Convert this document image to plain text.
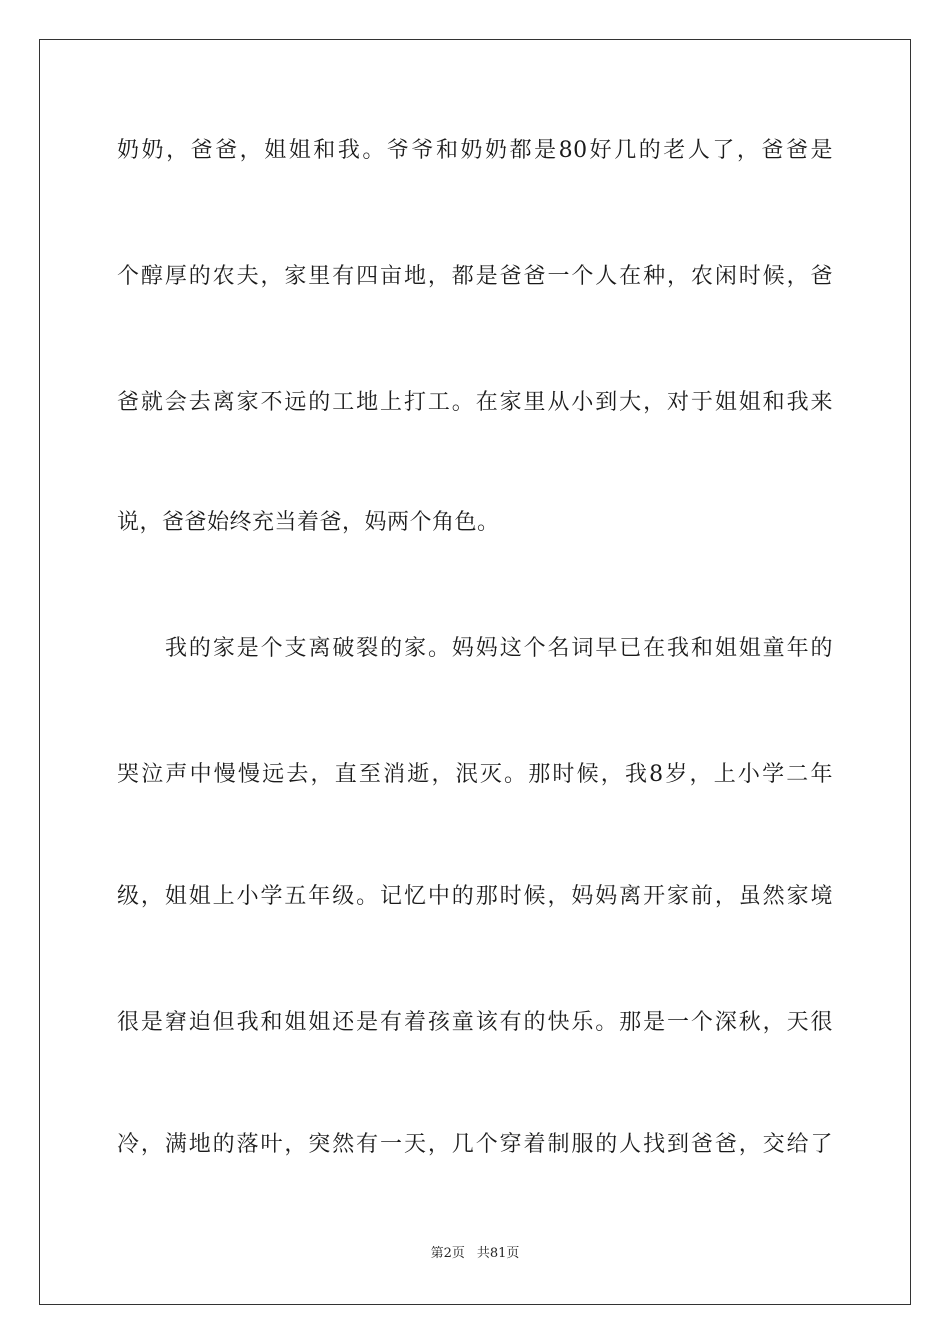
奶奶，爸爸，姐姐和我。爷爷和奶奶都是80好几的老人了，爸爸是
个醇厚的农夫，家里有四亩地，都是爸爸一个人在种，农闲时候，爸
爸就会去离家不远的工地上打工。在家里从小到大，对于姐姐和我来
说，爸爸始终充当着爸，妈两个角色。
我的家是个支离破裂的家。妈妈这个名词早已在我和姐姐童年的
哭泣声中慢慢远去，直至消逝，泯灭。那时候，我8岁，上小学二年
级，姐姐上小学五年级。记忆中的那时候，妈妈离开家前，虽然家境
很是窘迫但我和姐姐还是有着孩童该有的快乐。那是一个深秋，天很
冷，满地的落叶，突然有一天，几个穿着制服的人找到爸爸，交给了
第2页 共81页
